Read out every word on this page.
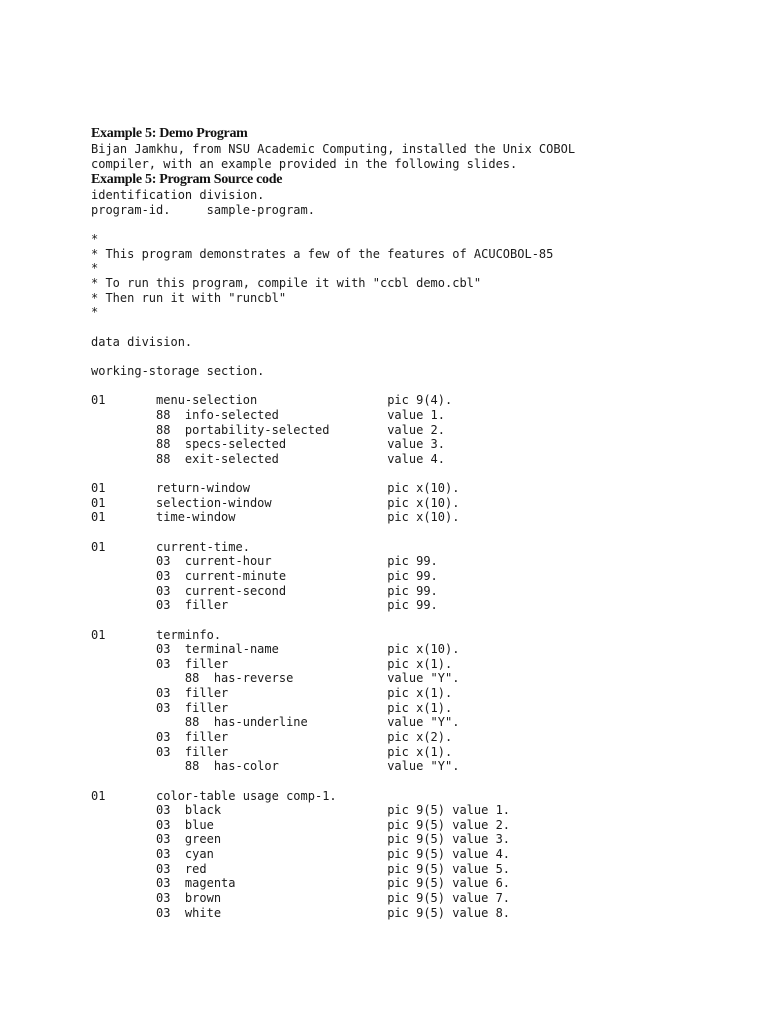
Example 5: Demo Program
Bijan Jamkhu, from NSU Academic Computing, installed the Unix COBOL
compiler, with an example provided in the following slides.
Example 5: Program Source code
identification division.
program-id.     sample-program.
*
* This program demonstrates a few of the features of ACUCOBOL-85
*
* To run this program, compile it with "ccbl demo.cbl"
* Then run it with "runcbl"
*
data division.
working-storage section.
01       menu-selection                  pic 9(4).
88  info-selected               value 1.
88  portability-selected        value 2.
88  specs-selected              value 3.
88  exit-selected               value 4.
01       return-window                   pic x(10).
01       selection-window                pic x(10).
01       time-window                     pic x(10).
01       current-time.
03  current-hour                pic 99.
03  current-minute              pic 99.
03  current-second              pic 99.
03  filler                      pic 99.
01       terminfo.
03  terminal-name               pic x(10).
03  filler                      pic x(1).
88  has-reverse             value "Y".
03  filler                      pic x(1).
03  filler                      pic x(1).
88  has-underline           value "Y".
03  filler                      pic x(2).
03  filler                      pic x(1).
88  has-color               value "Y".
01       color-table usage comp-1.
03  black                       pic 9(5) value 1.
03  blue                        pic 9(5) value 2.
03  green                       pic 9(5) value 3.
03  cyan                        pic 9(5) value 4.
03  red                         pic 9(5) value 5.
03  magenta                     pic 9(5) value 6.
03  brown                       pic 9(5) value 7.
03  white                       pic 9(5) value 8.
